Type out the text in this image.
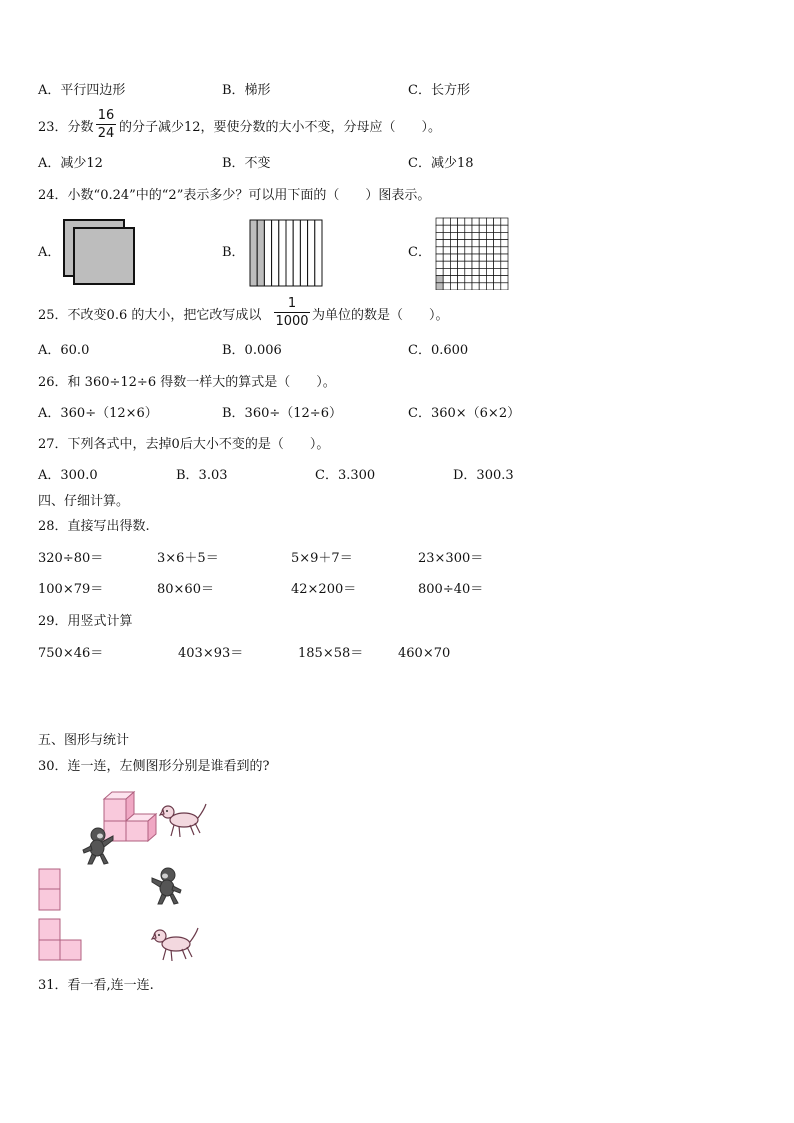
A．平行四边形	B．梯形	C．长方形
23．分数
16
24 的分子减少12，要使分数的大小不变，分母应（　　）。
A．减少12	B．不变	C．减少18
24．小数“0.24”中的“2”表示多少？可以用下面的（　　）图表示。
A．	B．	C．
25．不改变0.6 的大小，把它改写成以
1
1000 为单位的数是（　　）。
A．60.0	B．0.006	C．0.600
26．和 360÷12÷6 得数一样大的算式是（　　）。
A．360÷（12×6）	B．360÷（12÷6）	C．360×（6×2）
27．下列各式中，去掉0后大小不变的是（　　）。
A．300.0	B．3.03	C．3.300	D．300.3
四、仔细计算。
28．直接写出得数.
320÷80＝	3×6＋5＝	5×9＋7＝	23×300＝
100×79＝	80×60＝	42×200＝	800÷40＝
29．用竖式计算
750×46＝	403×93＝	185×58＝	460×70
五、图形与统计
30．连一连，左侧图形分别是谁看到的?
31．看一看,连一连.
